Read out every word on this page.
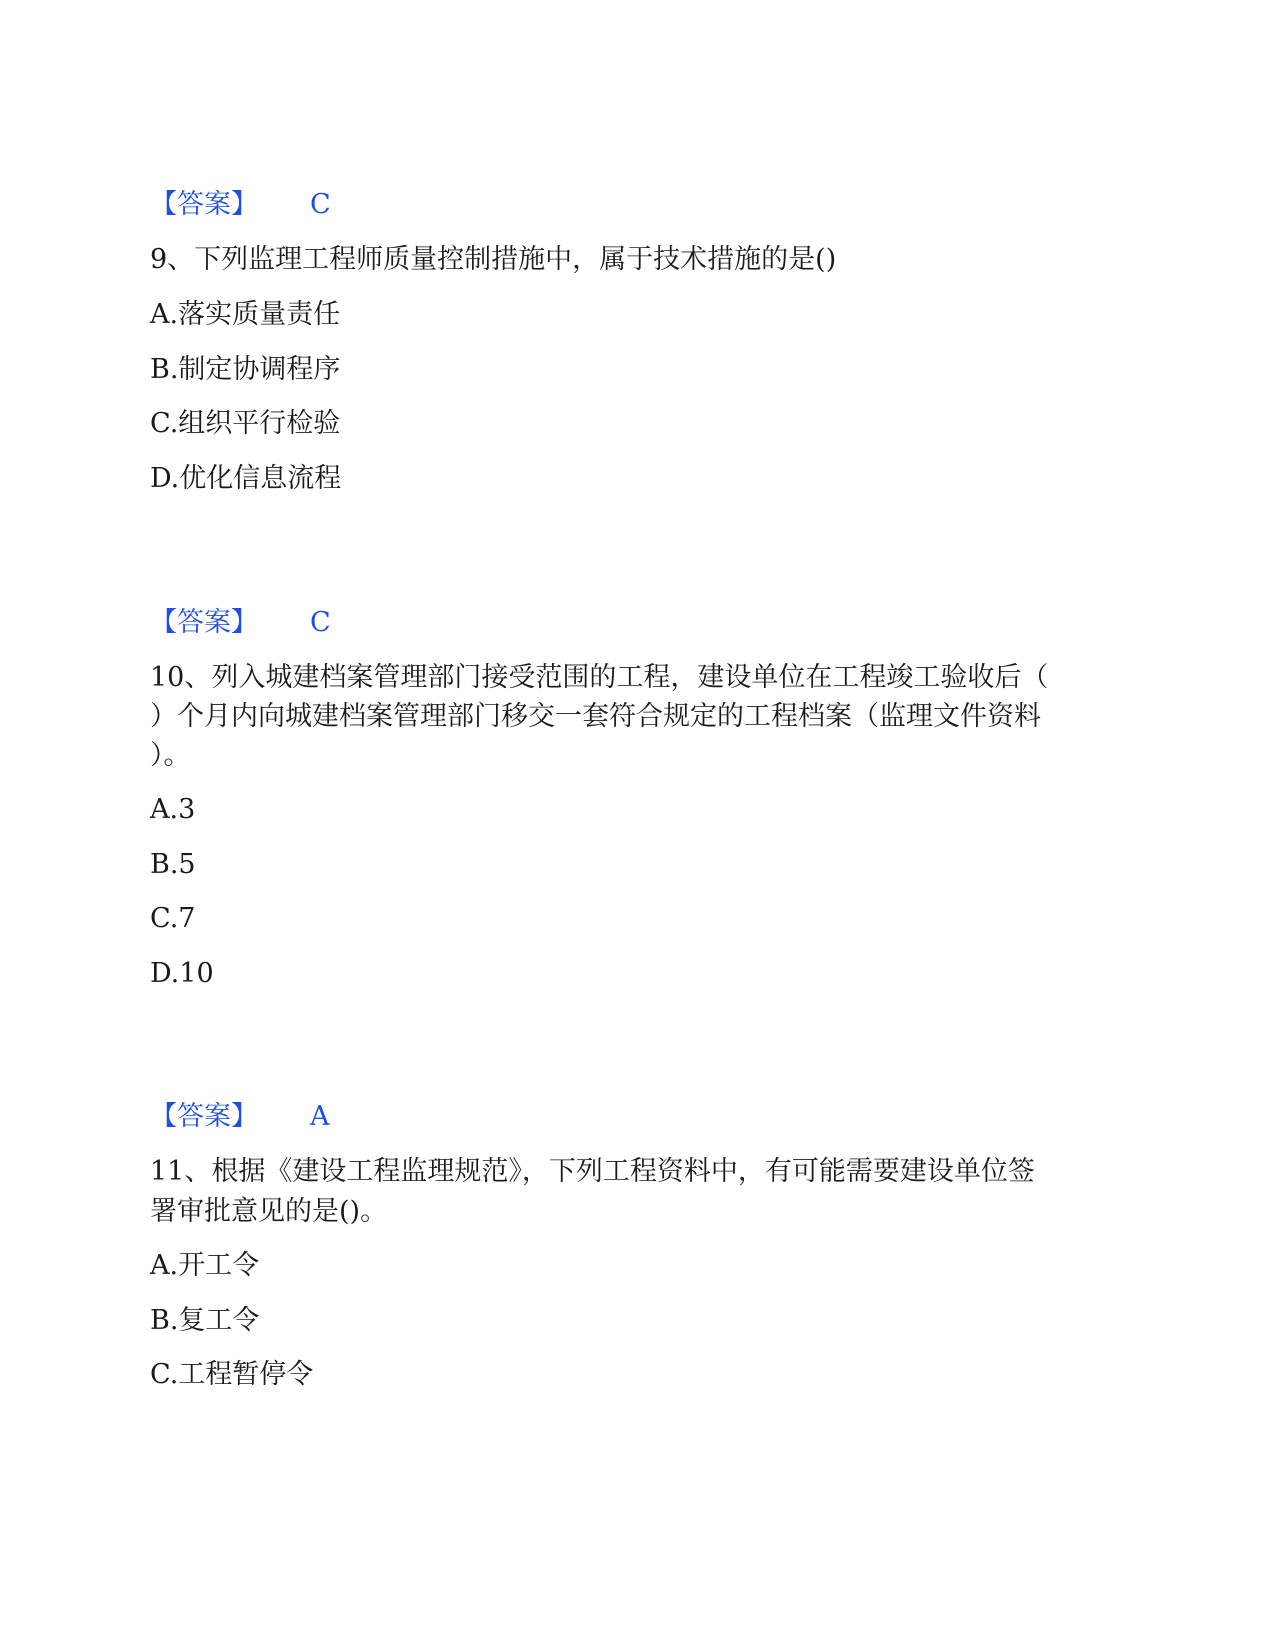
【答案】 C
9、下列监理工程师质量控制措施中，属于技术措施的是()
A.落实质量责任
B.制定协调程序
C.组织平行检验
D.优化信息流程
【答案】 C
10、列入城建档案管理部门接受范围的工程，建设单位在工程竣工验收后（
）个月内向城建档案管理部门移交一套符合规定的工程档案（监理文件资料
）。
A.3
B.5
C.7
D.10
【答案】 A
11、根据《建设工程监理规范》，下列工程资料中，有可能需要建设单位签
署审批意见的是()。
A.开工令
B.复工令
C.工程暂停令
